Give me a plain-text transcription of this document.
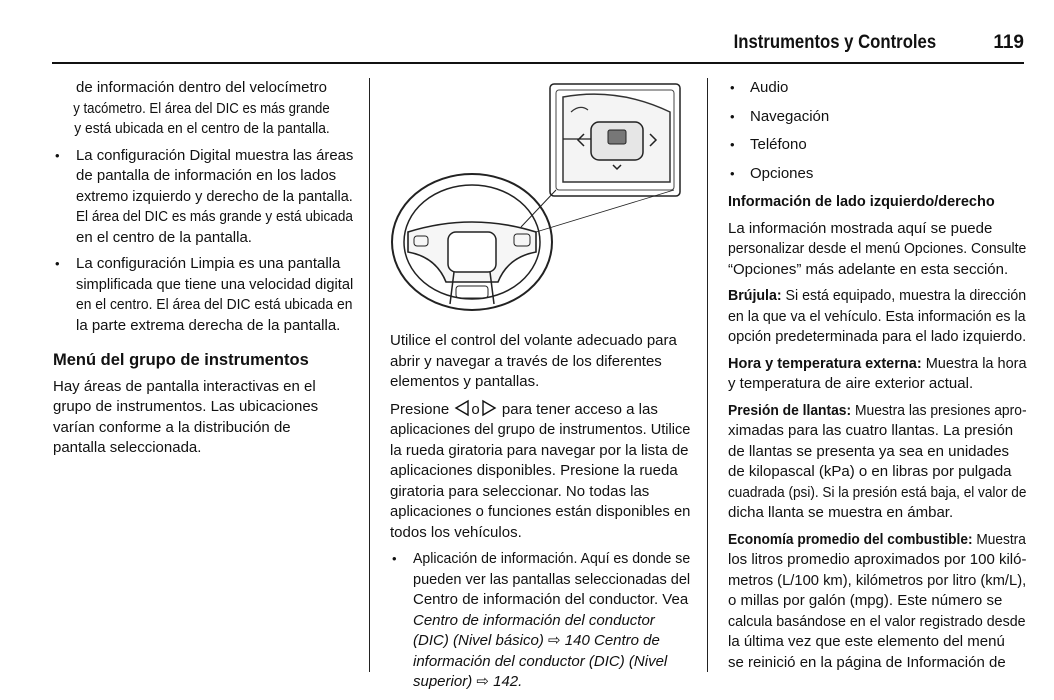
Instrumentos y Controles	119

de información dentro del velocímetro
y tacómetro. El área del DIC es más grande
y está ubicada en el centro de la pantalla.

• La configuración Digital muestra las áreas
de pantalla de información en los lados
extremo izquierdo y derecho de la pantalla.
El área del DIC es más grande y está ubicada
en el centro de la pantalla.
• La configuración Limpia es una pantalla
simplificada que tiene una velocidad digital
en el centro. El área del DIC está ubicada en
la parte extrema derecha de la pantalla.
Menú del grupo de instrumentos

Hay áreas de pantalla interactivas en el
grupo de instrumentos. Las ubicaciones
varían conforme a la distribución de
pantalla seleccionada.

Utilice el control del volante adecuado para
abrir y navegar a través de los diferentes
elementos y pantallas.

Presione o para tener acceso a las
aplicaciones del grupo de instrumentos. Utilice
la rueda giratoria para navegar por la lista de
aplicaciones disponibles. Presione la rueda
giratoria para seleccionar. No todas las
aplicaciones o funciones están disponibles en
todos los vehículos.

• Aplicación de información. Aquí es donde se
pueden ver las pantallas seleccionadas del
Centro de información del conductor. Vea
Centro de información del conductor (DIC) (Nivel básico) ⇨ 140 Centro de información del conductor (DIC) (Nivel superior) ⇨ 142.
• Audio
• Navegación
• Teléfono
• Opciones
Información de lado izquierdo/derecho

La información mostrada aquí se puede
personalizar desde el menú Opciones. Consulte
“Opciones” más adelante en esta sección.

Brújula: Si está equipado, muestra la dirección
en la que va el vehículo. Esta información es la
opción predeterminada para el lado izquierdo.

Hora y temperatura externa: Muestra la hora
y temperatura de aire exterior actual.

Presión de llantas: Muestra las presiones apro-
ximadas para las cuatro llantas. La presión
de llantas se presenta ya sea en unidades
de kilopascal (kPa) o en libras por pulgada
cuadrada (psi). Si la presión está baja, el valor de
dicha llanta se muestra en ámbar.

Economía promedio del combustible: Muestra
los litros promedio aproximados por 100 kiló-
metros (L/100 km), kilómetros por litro (km/L),
o millas por galón (mpg). Este número se
calcula basándose en el valor registrado desde
la última vez que este elemento del menú
se reinició en la página de Información de
